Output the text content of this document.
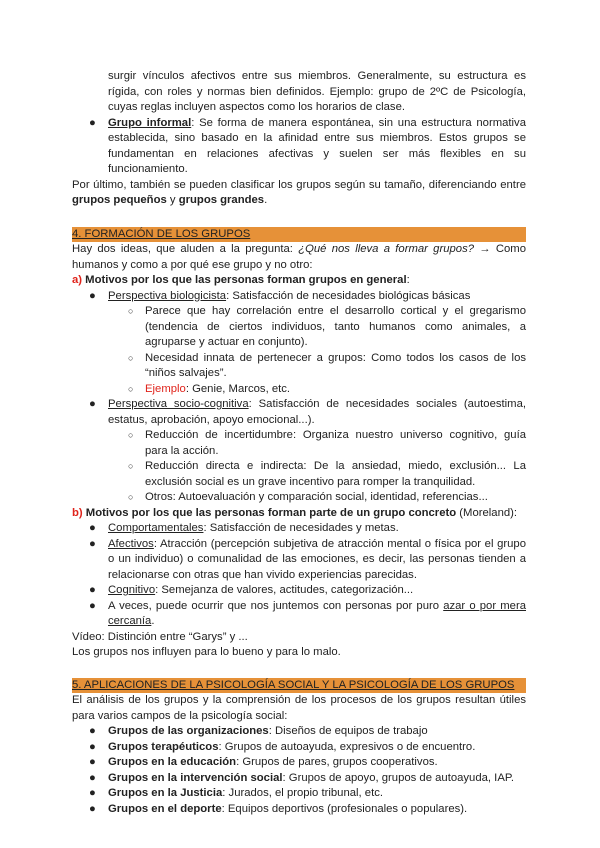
surgir vínculos afectivos entre sus miembros. Generalmente, su estructura es rígida, con roles y normas bien definidos. Ejemplo: grupo de 2ºC de Psicología, cuyas reglas incluyen aspectos como los horarios de clase.

● Grupo informal: Se forma de manera espontánea, sin una estructura normativa establecida, sino basado en la afinidad entre sus miembros. Estos grupos se fundamentan en relaciones afectivas y suelen ser más flexibles en su funcionamiento.

Por último, también se pueden clasificar los grupos según su tamaño, diferenciando entre grupos pequeños y grupos grandes.

4. FORMACIÓN DE LOS GRUPOS

Hay dos ideas, que aluden a la pregunta: ¿Qué nos lleva a formar grupos? → Como humanos y como a por qué ese grupo y no otro:

a) Motivos por los que las personas forman grupos en general:

● Perspectiva biologicista: Satisfacción de necesidades biológicas básicas

○ Parece que hay correlación entre el desarrollo cortical y el gregarismo (tendencia de ciertos individuos, tanto humanos como animales, a agruparse y actuar en conjunto).

○ Necesidad innata de pertenecer a grupos: Como todos los casos de los “niños salvajes”.

○ Ejemplo: Genie, Marcos, etc.

● Perspectiva socio-cognitiva: Satisfacción de necesidades sociales (autoestima, estatus, aprobación, apoyo emocional...).

○ Reducción de incertidumbre: Organiza nuestro universo cognitivo, guía para la acción.

○ Reducción directa e indirecta: De la ansiedad, miedo, exclusión... La exclusión social es un grave incentivo para romper la tranquilidad.

○ Otros: Autoevaluación y comparación social, identidad, referencias...

b) Motivos por los que las personas forman parte de un grupo concreto (Moreland):

● Comportamentales: Satisfacción de necesidades y metas.

● Afectivos: Atracción (percepción subjetiva de atracción mental o física por el grupo o un individuo) o comunalidad de las emociones, es decir, las personas tienden a relacionarse con otras que han vivido experiencias parecidas.

● Cognitivo: Semejanza de valores, actitudes, categorización...

● A veces, puede ocurrir que nos juntemos con personas por puro azar o por mera cercanía.

Vídeo: Distinción entre “Garys” y ...

Los grupos nos influyen para lo bueno y para lo malo.

5. APLICACIONES DE LA PSICOLOGÍA SOCIAL Y LA PSICOLOGÍA DE LOS GRUPOS

El análisis de los grupos y la comprensión de los procesos de los grupos resultan útiles para varios campos de la psicología social:

● Grupos de las organizaciones: Diseños de equipos de trabajo

● Grupos terapéuticos: Grupos de autoayuda, expresivos o de encuentro.

● Grupos en la educación: Grupos de pares, grupos cooperativos.

● Grupos en la intervención social: Grupos de apoyo, grupos de autoayuda, IAP.

● Grupos en la Justicia: Jurados, el propio tribunal, etc.

● Grupos en el deporte: Equipos deportivos (profesionales o populares).
